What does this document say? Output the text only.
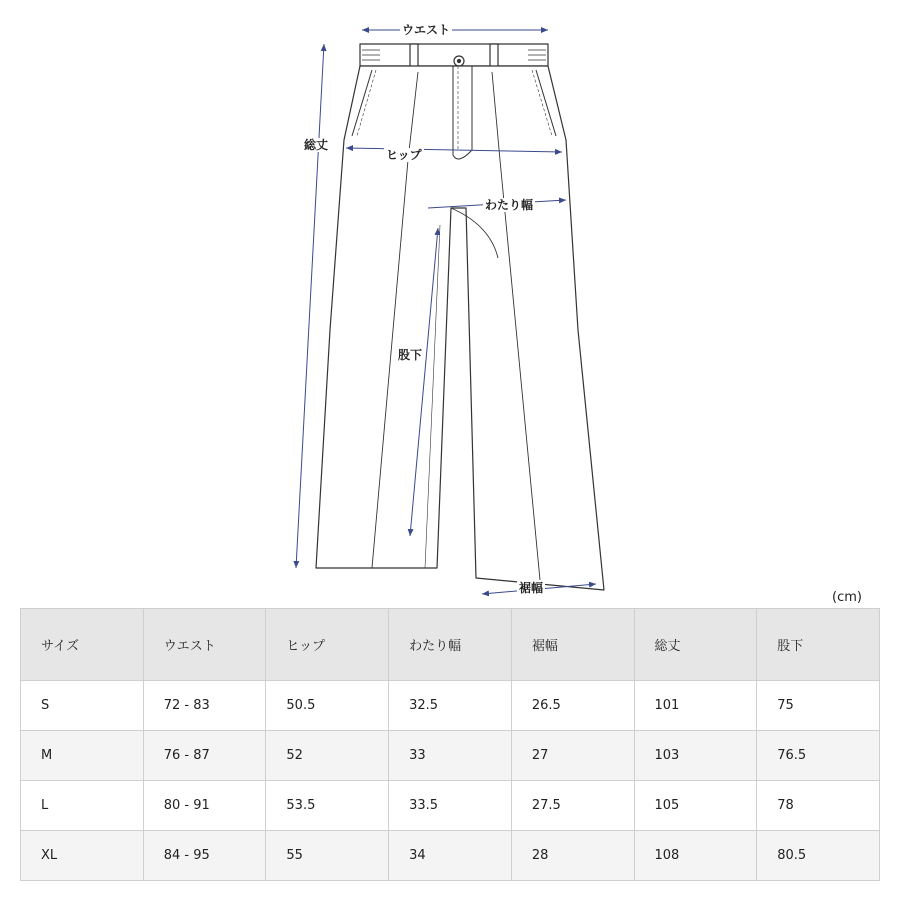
ウエスト
総丈
ヒップ
わたり幅
股下
裾幅
(cm)
サイズ	ウエスト	ヒップ	わたり幅	裾幅	総丈	股下
S	72 - 83	50.5	32.5	26.5	101	75
M	76 - 87	52	33	27	103	76.5
L	80 - 91	53.5	33.5	27.5	105	78
XL	84 - 95	55	34	28	108	80.5
